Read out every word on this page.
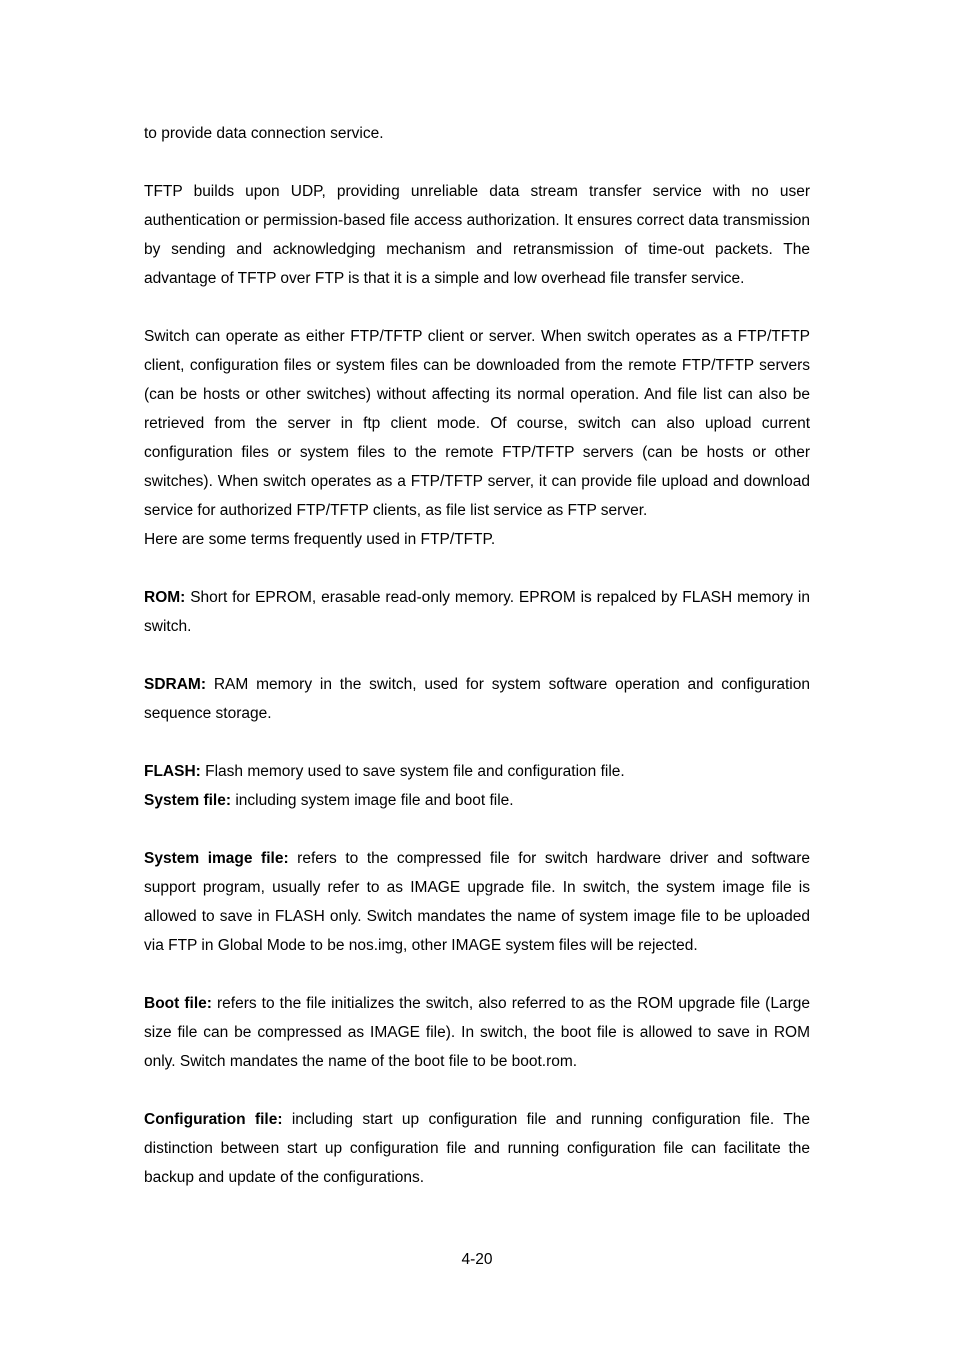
to provide data connection service.

TFTP builds upon UDP, providing unreliable data stream transfer service with no user authentication or permission-based file access authorization. It ensures correct data transmission by sending and acknowledging mechanism and retransmission of time-out packets. The advantage of TFTP over FTP is that it is a simple and low overhead file transfer service.

Switch can operate as either FTP/TFTP client or server. When switch operates as a FTP/TFTP client, configuration files or system files can be downloaded from the remote FTP/TFTP servers (can be hosts or other switches) without affecting its normal operation. And file list can also be retrieved from the server in ftp client mode. Of course, switch can also upload current configuration files or system files to the remote FTP/TFTP servers (can be hosts or other switches). When switch operates as a FTP/TFTP server, it can provide file upload and download service for authorized FTP/TFTP clients, as file list service as FTP server.

Here are some terms frequently used in FTP/TFTP.

ROM: Short for EPROM, erasable read-only memory. EPROM is repalced by FLASH memory in switch.

SDRAM: RAM memory in the switch, used for system software operation and configuration sequence storage.

FLASH: Flash memory used to save system file and configuration file.

System file: including system image file and boot file.

System image file: refers to the compressed file for switch hardware driver and software support program, usually refer to as IMAGE upgrade file. In switch, the system image file is allowed to save in FLASH only. Switch mandates the name of system image file to be uploaded via FTP in Global Mode to be nos.img, other IMAGE system files will be rejected.

Boot file: refers to the file initializes the switch, also referred to as the ROM upgrade file (Large size file can be compressed as IMAGE file). In switch, the boot file is allowed to save in ROM only. Switch mandates the name of the boot file to be boot.rom.

Configuration file: including start up configuration file and running configuration file. The distinction between start up configuration file and running configuration file can facilitate the backup and update of the configurations.

4-20
